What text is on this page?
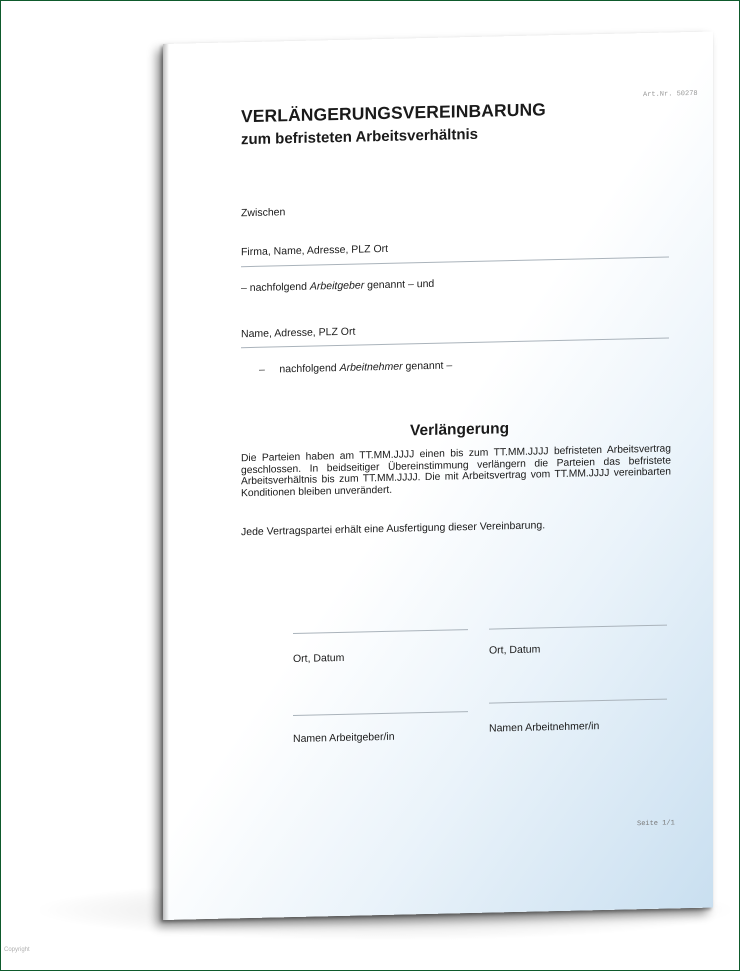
Art.Nr. 50278
VERLÄNGERUNGSVEREINBARUNG
zum befristeten Arbeitsverhältnis
Zwischen
Firma, Name, Adresse, PLZ Ort
– nachfolgend Arbeitgeber genannt – und
Name, Adresse, PLZ Ort
–     nachfolgend Arbeitnehmer genannt –
Verlängerung
Die Parteien haben am TT.MM.JJJJ einen bis zum TT.MM.JJJJ befristeten Arbeitsvertrag geschlossen. In beidseitiger Übereinstimmung verlängern die Parteien das befristete Arbeitsverhältnis bis zum TT.MM.JJJJ. Die mit Arbeitsvertrag vom TT.MM.JJJJ vereinbarten Konditionen bleiben unverändert.
Jede Vertragspartei erhält eine Ausfertigung dieser Vereinbarung.
Ort, Datum
Ort, Datum
Namen Arbeitgeber/in
Namen Arbeitnehmer/in
Seite 1/1
Copyright
